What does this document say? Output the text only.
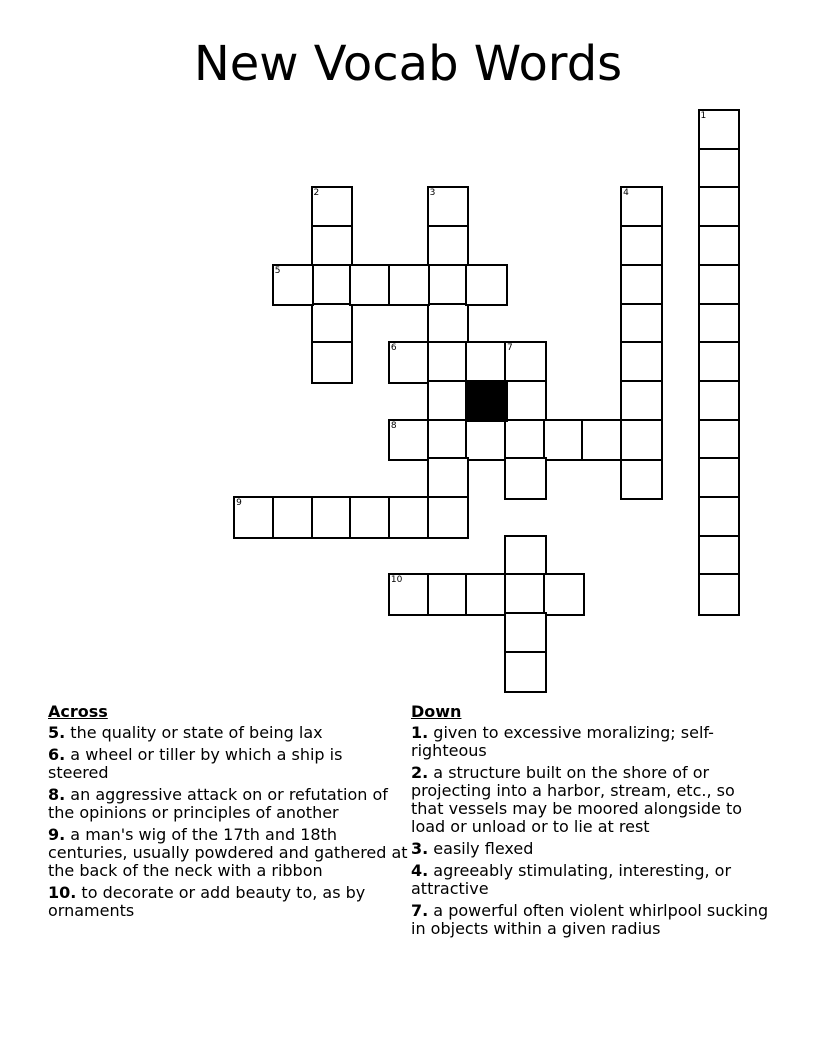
New Vocab Words
1
2	3	4
5
6	7
8
9
10
Across
5. the quality or state of being lax
6. a wheel or tiller by which a ship is steered
8. an aggressive attack on or refutation of the opinions or principles of another
9. a man's wig of the 17th and 18th centuries, usually powdered and gathered at the back of the neck with a ribbon
10. to decorate or add beauty to, as by ornaments
Down
1. given to excessive moralizing; self-righteous
2. a structure built on the shore of or projecting into a harbor, stream, etc., so that vessels may be moored alongside to load or unload or to lie at rest
3. easily flexed
4. agreeably stimulating, interesting, or attractive
7. a powerful often violent whirlpool sucking in objects within a given radius
